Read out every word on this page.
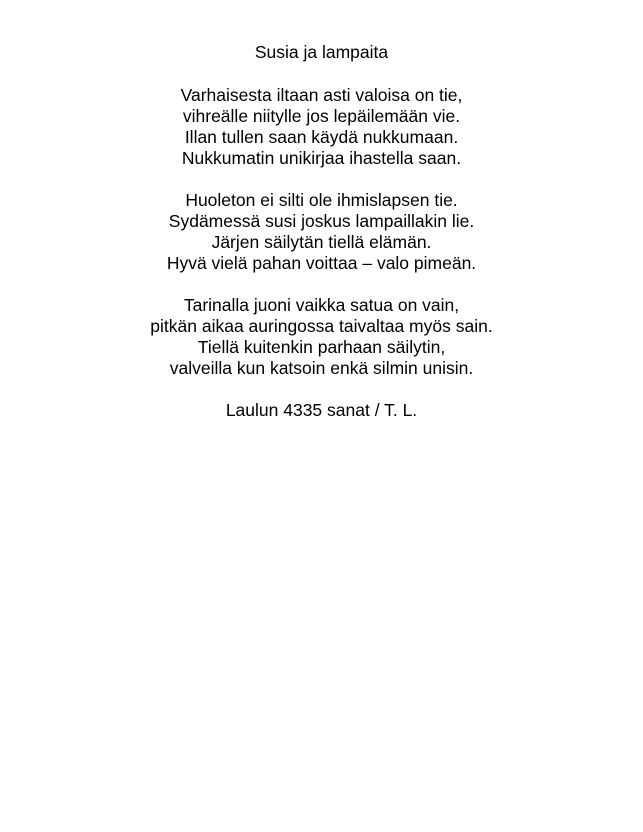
Susia ja lampaita
Varhaisesta iltaan asti valoisa on tie,
vihreälle niitylle jos lepäilemään vie.
Illan tullen saan käydä nukkumaan.
Nukkumatin unikirjaa ihastella saan.
Huoleton ei silti ole ihmislapsen tie.
Sydämessä susi joskus lampaillakin lie.
Järjen säilytän tiellä elämän.
Hyvä vielä pahan voittaa – valo pimeän.
Tarinalla juoni vaikka satua on vain,
pitkän aikaa auringossa taivaltaa myös sain.
Tiellä kuitenkin parhaan säilytin,
valveilla kun katsoin enkä silmin unisin.
Laulun 4335 sanat / T. L.
